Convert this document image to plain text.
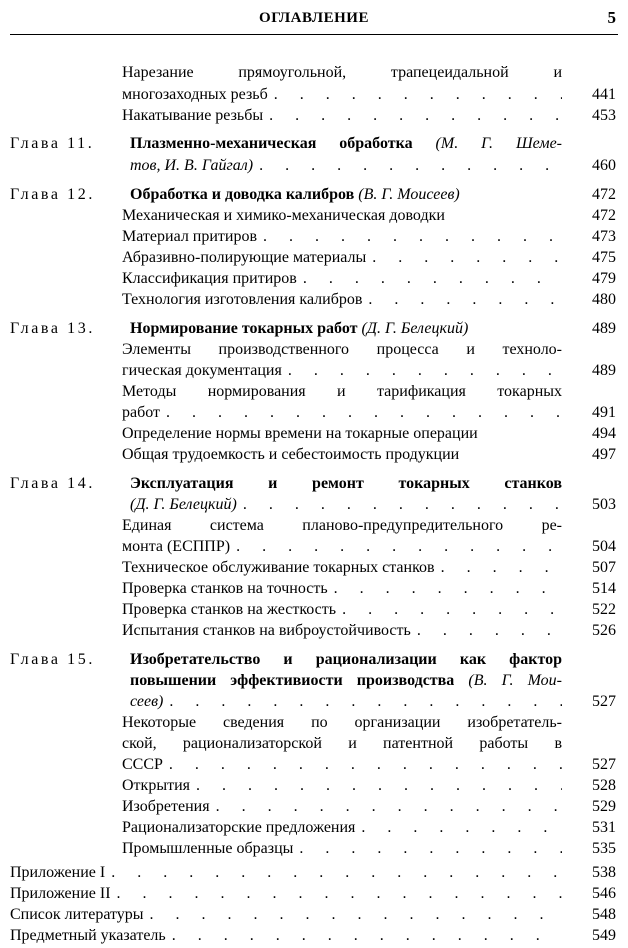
ОГЛАВЛЕНИЕ	5
Нарезание прямоугольной, трапецеидальной и
многозаходных резьб . . .	441
Накатывание резьбы . . .	453
Глава 11. Плазменно-механическая обработка (М. Г. Шеме-
тов, И. В. Гайгал) . . .	460
Глава 12. Обработка и доводка калибров (В. Г. Моисеев)	472
Механическая и химико-механическая доводки	472
Материал притиров . . .	473
Абразивно-полирующие материалы . . .	475
Классификация притиров . . .	479
Технология изготовления калибров . . .	480
Глава 13. Нормирование токарных работ (Д. Г. Белецкий)	489
Элементы производственного процесса и техноло-
гическая документация . . .	489
Методы нормирования и тарификация токарных
работ . . .	491
Определение нормы времени на токарные операции	494
Общая трудоемкость и себестоимость продукции	497
Глава 14. Эксплуатация и ремонт токарных станков
(Д. Г. Белецкий) . . .	503
Единая система планово-предупредительного ре-
монта (ЕСППР) . . .	504
Техническое обслуживание токарных станков . . .	507
Проверка станков на точность . . .	514
Проверка станков на жесткость . . .	522
Испытания станков на виброустойчивость . . .	526
Глава 15. Изобретательство и рационализации как фактор
повышении эффективиости производства (В. Г. Мои-
сеев) . . .	527
Некоторые сведения по организации изобретатель-
ской, рационализаторской и патентной работы в
СССР . . .	527
Открытия . . .	528
Изобретения . . .	529
Рационализаторские предложения . . .	531
Промышленные образцы . . .	535
Приложение I . . .	538
Приложение II . . .	546
Список литературы . . .	548
Предметный указатель . . .	549
